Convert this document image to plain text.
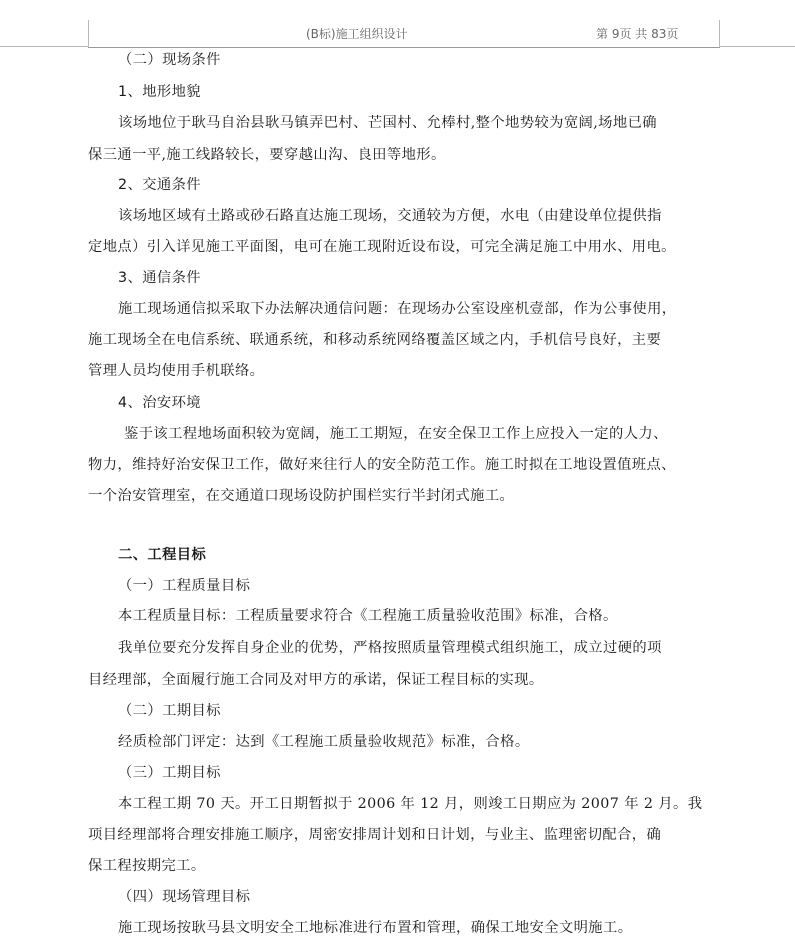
(B标)施工组织设计	第 9页 共 83页
（二）现场条件
1、地形地貌
该场地位于耿马自治县耿马镇弄巴村、芒国村、允棒村,整个地势较为宽阔,场地已确
保三通一平,施工线路较长，要穿越山沟、良田等地形。
2、交通条件
该场地区域有土路或砂石路直达施工现场，交通较为方便，水电（由建设单位提供指
定地点）引入详见施工平面图，电可在施工现附近设布设，可完全满足施工中用水、用电。
3、通信条件
施工现场通信拟采取下办法解决通信问题：在现场办公室设座机壹部，作为公事使用，
施工现场全在电信系统、联通系统，和移动系统网络覆盖区域之内，手机信号良好，主要
管理人员均使用手机联络。
4、治安环境
鉴于该工程地场面积较为宽阔，施工工期短，在安全保卫工作上应投入一定的人力、
物力，维持好治安保卫工作，做好来往行人的安全防范工作。施工时拟在工地设置值班点、
一个治安管理室，在交通道口现场设防护围栏实行半封闭式施工。
二、工程目标
（一）工程质量目标
本工程质量目标：工程质量要求符合《工程施工质量验收范围》标准，合格。
我单位要充分发挥自身企业的优势，严格按照质量管理模式组织施工，成立过硬的项
目经理部，全面履行施工合同及对甲方的承诺，保证工程目标的实现。
（二）工期目标
经质检部门评定：达到《工程施工质量验收规范》标准，合格。
（三）工期目标
本工程工期 70 天。开工日期暂拟于 2006 年 12 月，则竣工日期应为 2007 年 2 月。我
项目经理部将合理安排施工顺序，周密安排周计划和日计划，与业主、监理密切配合，确
保工程按期完工。
（四）现场管理目标
施工现场按耿马县文明安全工地标准进行布置和管理，确保工地安全文明施工。
